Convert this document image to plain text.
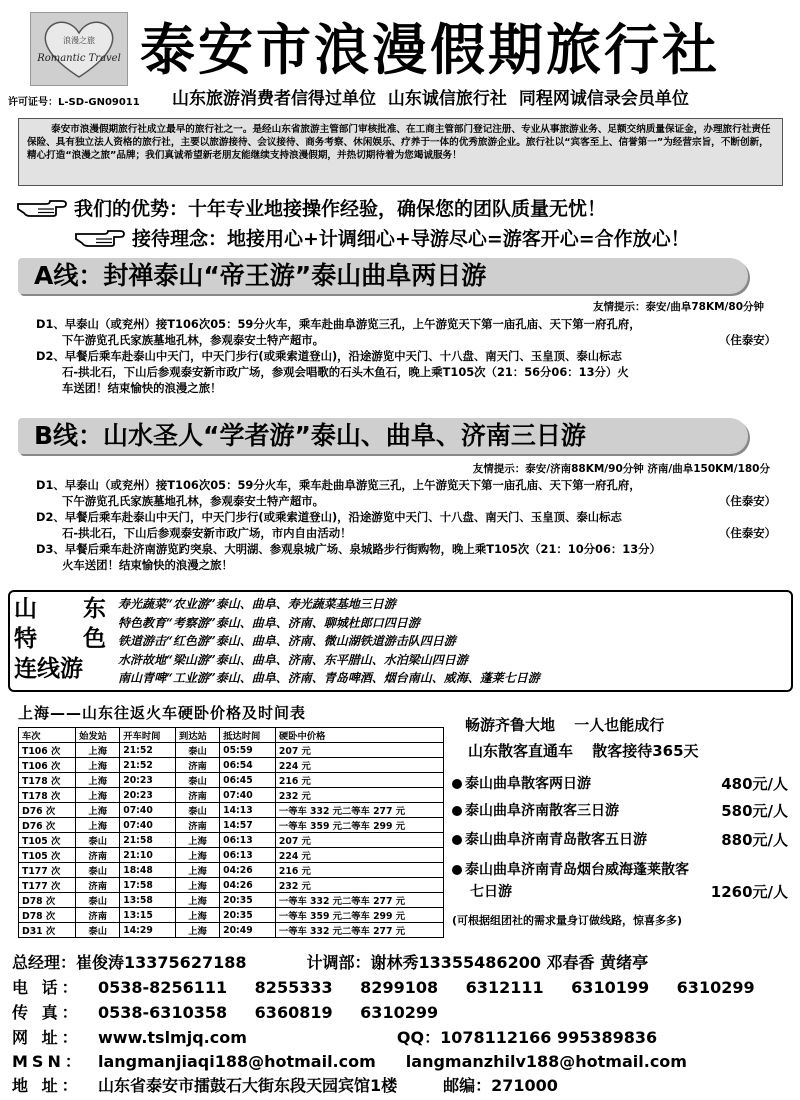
浪漫之旅
Romantic Travel 泰安市浪漫假期旅行社
许可证号：L-SD-GN09011 山东旅游消费者信得过单位 山东诚信旅行社 同程网诚信录会员单位
泰安市浪漫假期旅行社成立最早的旅行社之一。是经山东省旅游主管部门审核批准、在工商主管部门登记注册、专业从事旅游业务、足额交纳质量保证金，办理旅行社责任保险、具有独立法人资格的旅行社，主要以旅游接待、会议接待、商务考察、休闲娱乐、疗养于一体的优秀旅游企业。旅行社以“宾客至上、信誉第一”为经营宗旨，不断创新，精心打造“浪漫之旅”品牌；我们真诚希望新老朋友能继续支持浪漫假期，并热切期待着为您竭诚服务！
我们的优势：十年专业地接操作经验，确保您的团队质量无忧！
接待理念：地接用心+计调细心+导游尽心=游客开心=合作放心！
A线：封禅泰山“帝王游”泰山曲阜两日游
友情提示：泰安/曲阜78KM/80分钟

D1、早泰山（或兖州）接T106次05：59分火车，乘车赴曲阜游览三孔，上午游览天下第一庙孔庙、天下第一府孔府，

下午游览孔氏家族墓地孔林，参观泰安土特产超市。	（住泰安）

D2、早餐后乘车赴泰山中天门，中天门步行(或乘索道登山)，沿途游览中天门、十八盘、南天门、玉皇顶、泰山标志

石-拱北石，下山后参观泰安新市政广场，参观会唱歌的石头木鱼石，晚上乘T105次（21：56分06：13分）火

车送团！结束愉快的浪漫之旅！

B线：山水圣人“学者游”泰山、曲阜、济南三日游
友情提示：泰安/济南88KM/90分钟 济南/曲阜150KM/180分

D1、早泰山（或兖州）接T106次05：59分火车，乘车赴曲阜游览三孔，上午游览天下第一庙孔庙、天下第一府孔府，

下午游览孔氏家族墓地孔林，参观泰安土特产超市。	（住泰安）

D2、早餐后乘车赴泰山中天门，中天门步行(或乘索道登山)，沿途游览中天门、十八盘、南天门、玉皇顶、泰山标志

石-拱北石，下山后参观泰安新市政广场，市内自由活动！	（住泰安）

D3、早餐后乘车赴济南游览趵突泉、大明湖、参观泉城广场、泉城路步行街购物，晚上乘T105次（21：10分06：13分）

火车送团！结束愉快的浪漫之旅！

山 东
特 色
连线游
寿光蔬菜“农业游”泰山、曲阜、寿光蔬菜基地三日游
特色教育“考察游”泰山、曲阜、济南、聊城杜郎口四日游
铁道游击“红色游”泰山、曲阜、济南、微山湖铁道游击队四日游
水浒故地“梁山游”泰山、曲阜、济南、东平腊山、水泊梁山四日游
南山青啤“工业游”泰山、曲阜、济南、青岛啤酒、烟台南山、威海、蓬莱七日游
上海——山东往返火车硬卧价格及时间表
车次	始发站	开车时间	到达站	抵达时间	硬卧中价格
T106 次	上海	21:52	泰山	05:59	207 元
T106 次	上海	21:52	济南	06:54	224 元
T178 次	上海	20:23	泰山	06:45	216 元
T178 次	上海	20:23	济南	07:40	232 元
D76 次	上海	07:40	泰山	14:13	一等车 332 元二等车 277 元
D76 次	上海	07:40	济南	14:57	一等车 359 元二等车 299 元
T105 次	泰山	21:58	上海	06:13	207 元
T105 次	济南	21:10	上海	06:13	224 元
T177 次	泰山	18:48	上海	04:26	216 元
T177 次	济南	17:58	上海	04:26	232 元
D78 次	泰山	13:58	上海	20:35	一等车 332 元二等车 277 元
D78 次	济南	13:15	上海	20:35	一等车 359 元二等车 299 元
D31 次	泰山	14:29	上海	20:49	一等车 332 元二等车 277 元
畅游齐鲁大地 一人也能成行
山东散客直通车 散客接待365天
泰山曲阜散客两日游	480元/人
泰山曲阜济南散客三日游	580元/人
泰山曲阜济南青岛散客五日游	880元/人
泰山曲阜济南青岛烟台威海蓬莱散客
七日游	1260元/人
(可根据组团社的需求量身订做线路，惊喜多多)
总经理：崔俊涛13375627188	计调部：谢林秀13355486200 邓春香 黄绪亭
电 话： 0538-8256111 8255333 8299108 6312111 6310199 6310299
传 真： 0538-6310358 6360819 6310299
网 址： www.tslmjq.com	QQ：1078112166 995389836
MSN： langmanjiaqi188@hotmail.com langmanzhilv188@hotmail.com
地 址： 山东省泰安市擂鼓石大街东段天园宾馆1楼	邮编：271000
